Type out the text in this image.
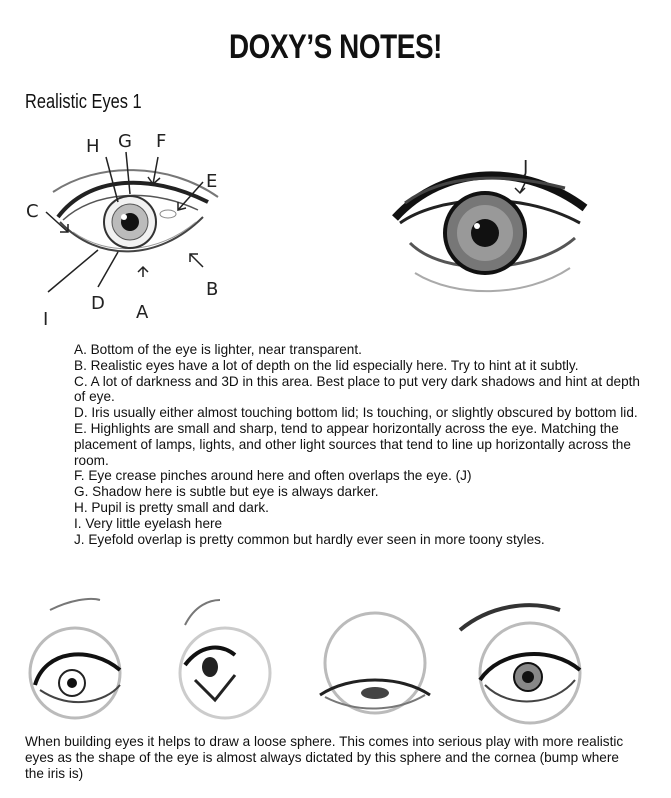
DOXY’S NOTES!
Realistic Eyes 1
H G F
E
C
I
D A
B
J

A. Bottom of the eye is lighter, near transparent.

B. Realistic eyes have a lot of depth on the lid especially here. Try to hint at it subtly.

C. A lot of darkness and 3D in this area. Best place to put very dark shadows and hint at depth of eye.

D. Iris usually either almost touching bottom lid; Is touching, or slightly obscured by bottom lid.

E. Highlights are small and sharp, tend to appear horizontally across the eye. Matching the placement of lamps, lights, and other light sources that tend to line up horizontally across the room.

F. Eye crease pinches around here and often overlaps the eye. (J)

G. Shadow here is subtle but eye is always darker.

H. Pupil is pretty small and dark.

I. Very little eyelash here

J. Eyefold overlap is pretty common but hardly ever seen in more toony styles.

When building eyes it helps to draw a loose sphere. This comes into serious play with more realistic eyes as the shape of the eye is almost always dictated by this sphere and the cornea (bump where the iris is)
